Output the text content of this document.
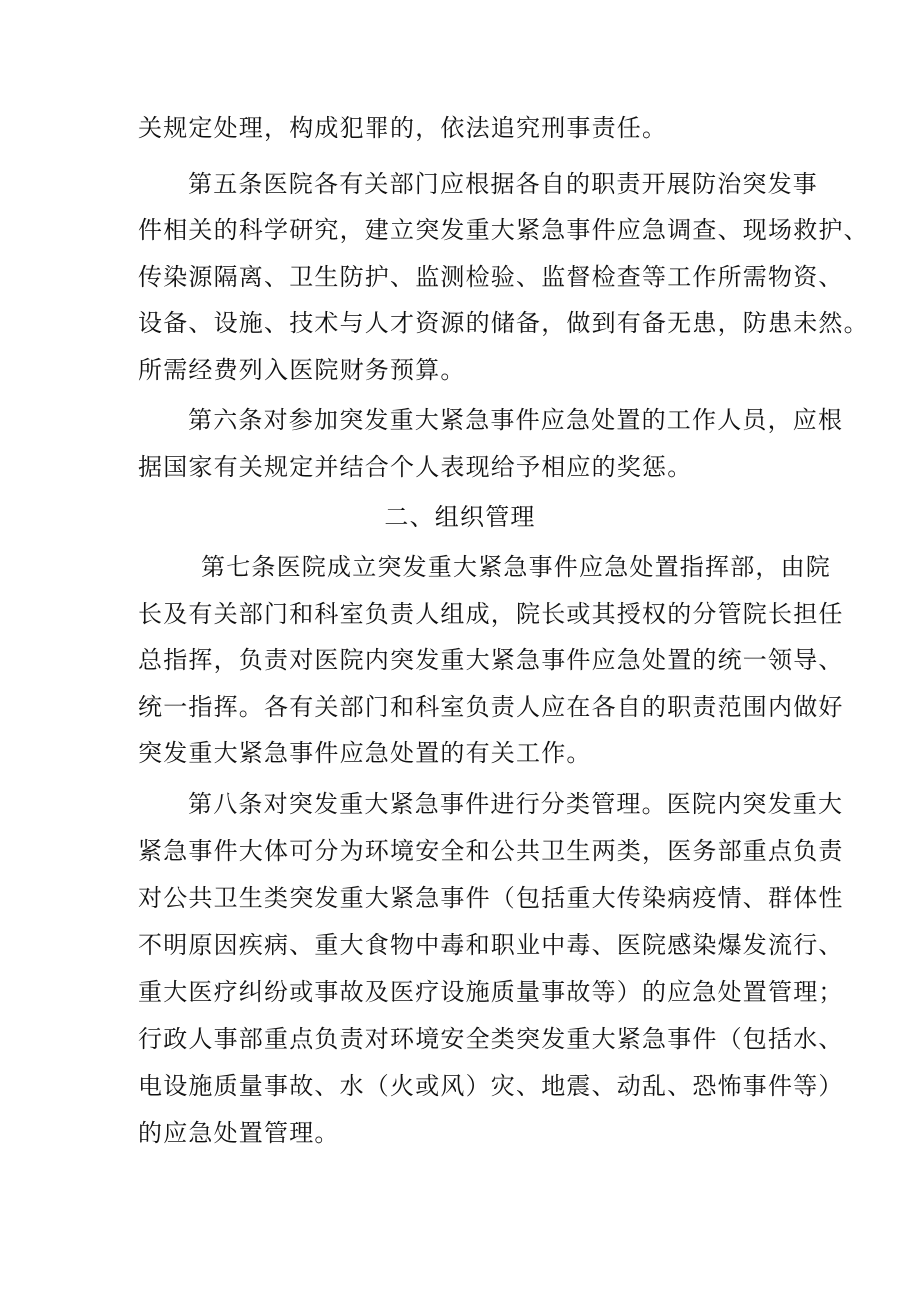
关规定处理，构成犯罪的，依法追究刑事责任。
第五条医院各有关部门应根据各自的职责开展防治突发事
件相关的科学研究，建立突发重大紧急事件应急调查、现场救护、
传染源隔离、卫生防护、监测检验、监督检查等工作所需物资、
设备、设施、技术与人才资源的储备，做到有备无患，防患未然。
所需经费列入医院财务预算。
第六条对参加突发重大紧急事件应急处置的工作人员，应根
据国家有关规定并结合个人表现给予相应的奖惩。
二、组织管理
第七条医院成立突发重大紧急事件应急处置指挥部，由院
长及有关部门和科室负责人组成，院长或其授权的分管院长担任
总指挥，负责对医院内突发重大紧急事件应急处置的统一领导、
统一指挥。各有关部门和科室负责人应在各自的职责范围内做好
突发重大紧急事件应急处置的有关工作。
第八条对突发重大紧急事件进行分类管理。医院内突发重大
紧急事件大体可分为环境安全和公共卫生两类，医务部重点负责
对公共卫生类突发重大紧急事件（包括重大传染病疫情、群体性
不明原因疾病、重大食物中毒和职业中毒、医院感染爆发流行、
重大医疗纠纷或事故及医疗设施质量事故等）的应急处置管理；
行政人事部重点负责对环境安全类突发重大紧急事件（包括水、
电设施质量事故、水（火或风）灾、地震、动乱、恐怖事件等）
的应急处置管理。
